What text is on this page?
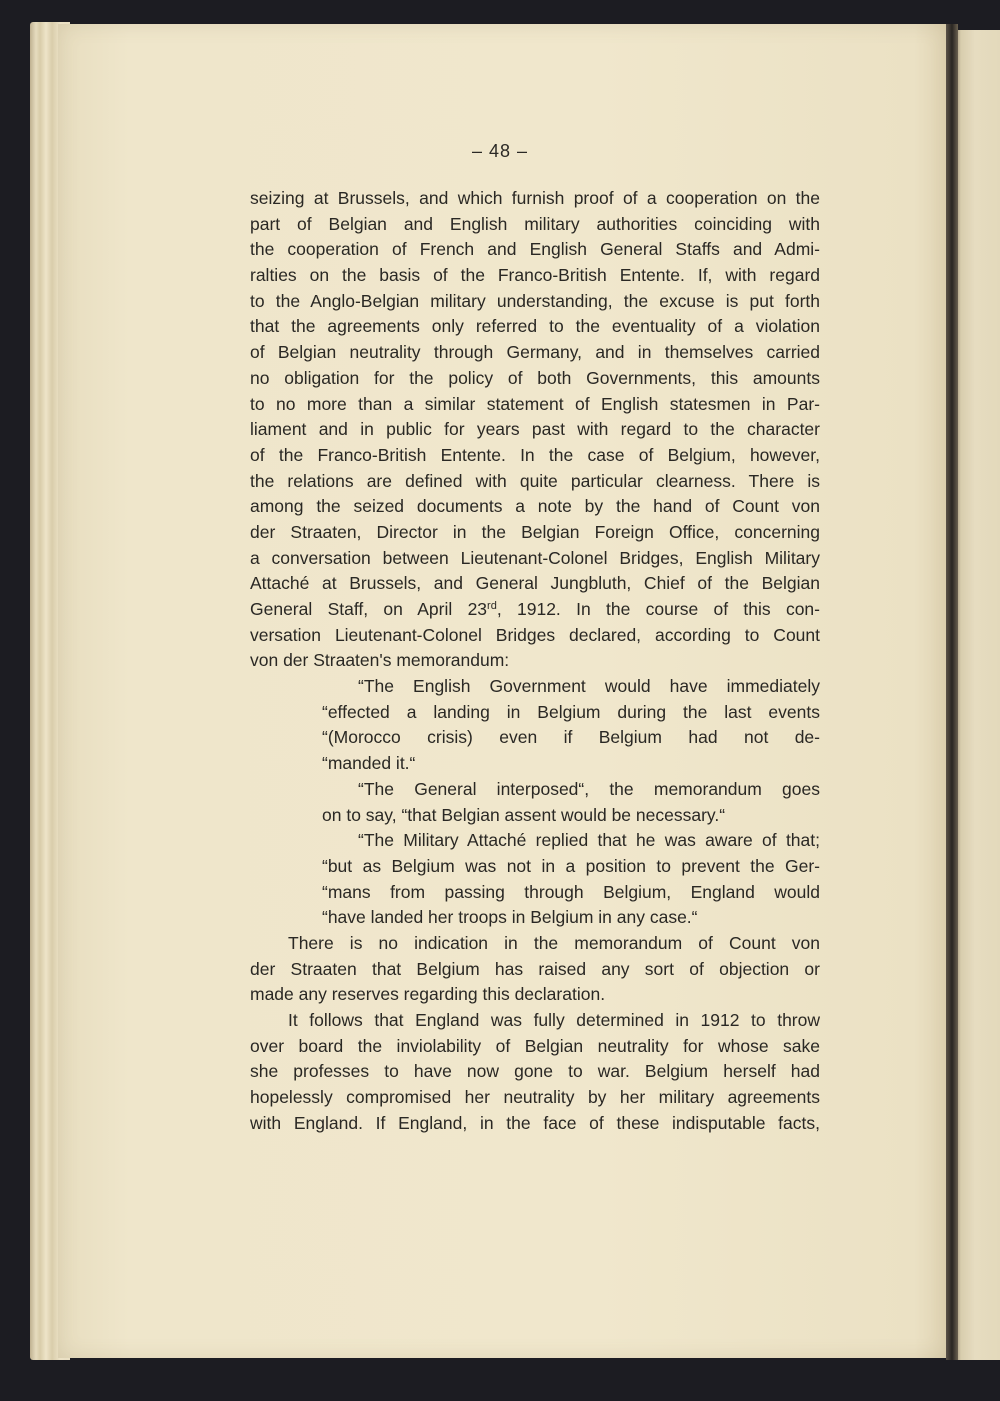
– 48 –
seizing at Brussels, and which furnish proof of a cooperation on the
part of Belgian and English military authorities coinciding with
the cooperation of French and English General Staffs and Admi-
ralties on the basis of the Franco-British Entente. If, with regard
to the Anglo-Belgian military understanding, the excuse is put forth
that the agreements only referred to the eventuality of a violation
of Belgian neutrality through Germany, and in themselves carried
no obligation for the policy of both Governments, this amounts
to no more than a similar statement of English statesmen in Par-
liament and in public for years past with regard to the character
of the Franco-British Entente. In the case of Belgium, however,
the relations are defined with quite particular clearness. There is
among the seized documents a note by the hand of Count von
der Straaten, Director in the Belgian Foreign Office, concerning
a conversation between Lieutenant-Colonel Bridges, English Military
Attaché at Brussels, and General Jungbluth, Chief of the Belgian
General Staff, on April 23rd, 1912. In the course of this con-
versation Lieutenant-Colonel Bridges declared, according to Count
von der Straaten's memorandum:
“The English Government would have immediately
“effected a landing in Belgium during the last events
“(Morocco crisis) even if Belgium had not de-
“manded it.“
“The General interposed“, the memorandum goes
on to say, “that Belgian assent would be necessary.“
“The Military Attaché replied that he was aware of that;
“but as Belgium was not in a position to prevent the Ger-
“mans from passing through Belgium, England would
“have landed her troops in Belgium in any case.“
There is no indication in the memorandum of Count von
der Straaten that Belgium has raised any sort of objection or
made any reserves regarding this declaration.
It follows that England was fully determined in 1912 to throw
over board the inviolability of Belgian neutrality for whose sake
she professes to have now gone to war. Belgium herself had
hopelessly compromised her neutrality by her military agreements
with England. If England, in the face of these indisputable facts,
